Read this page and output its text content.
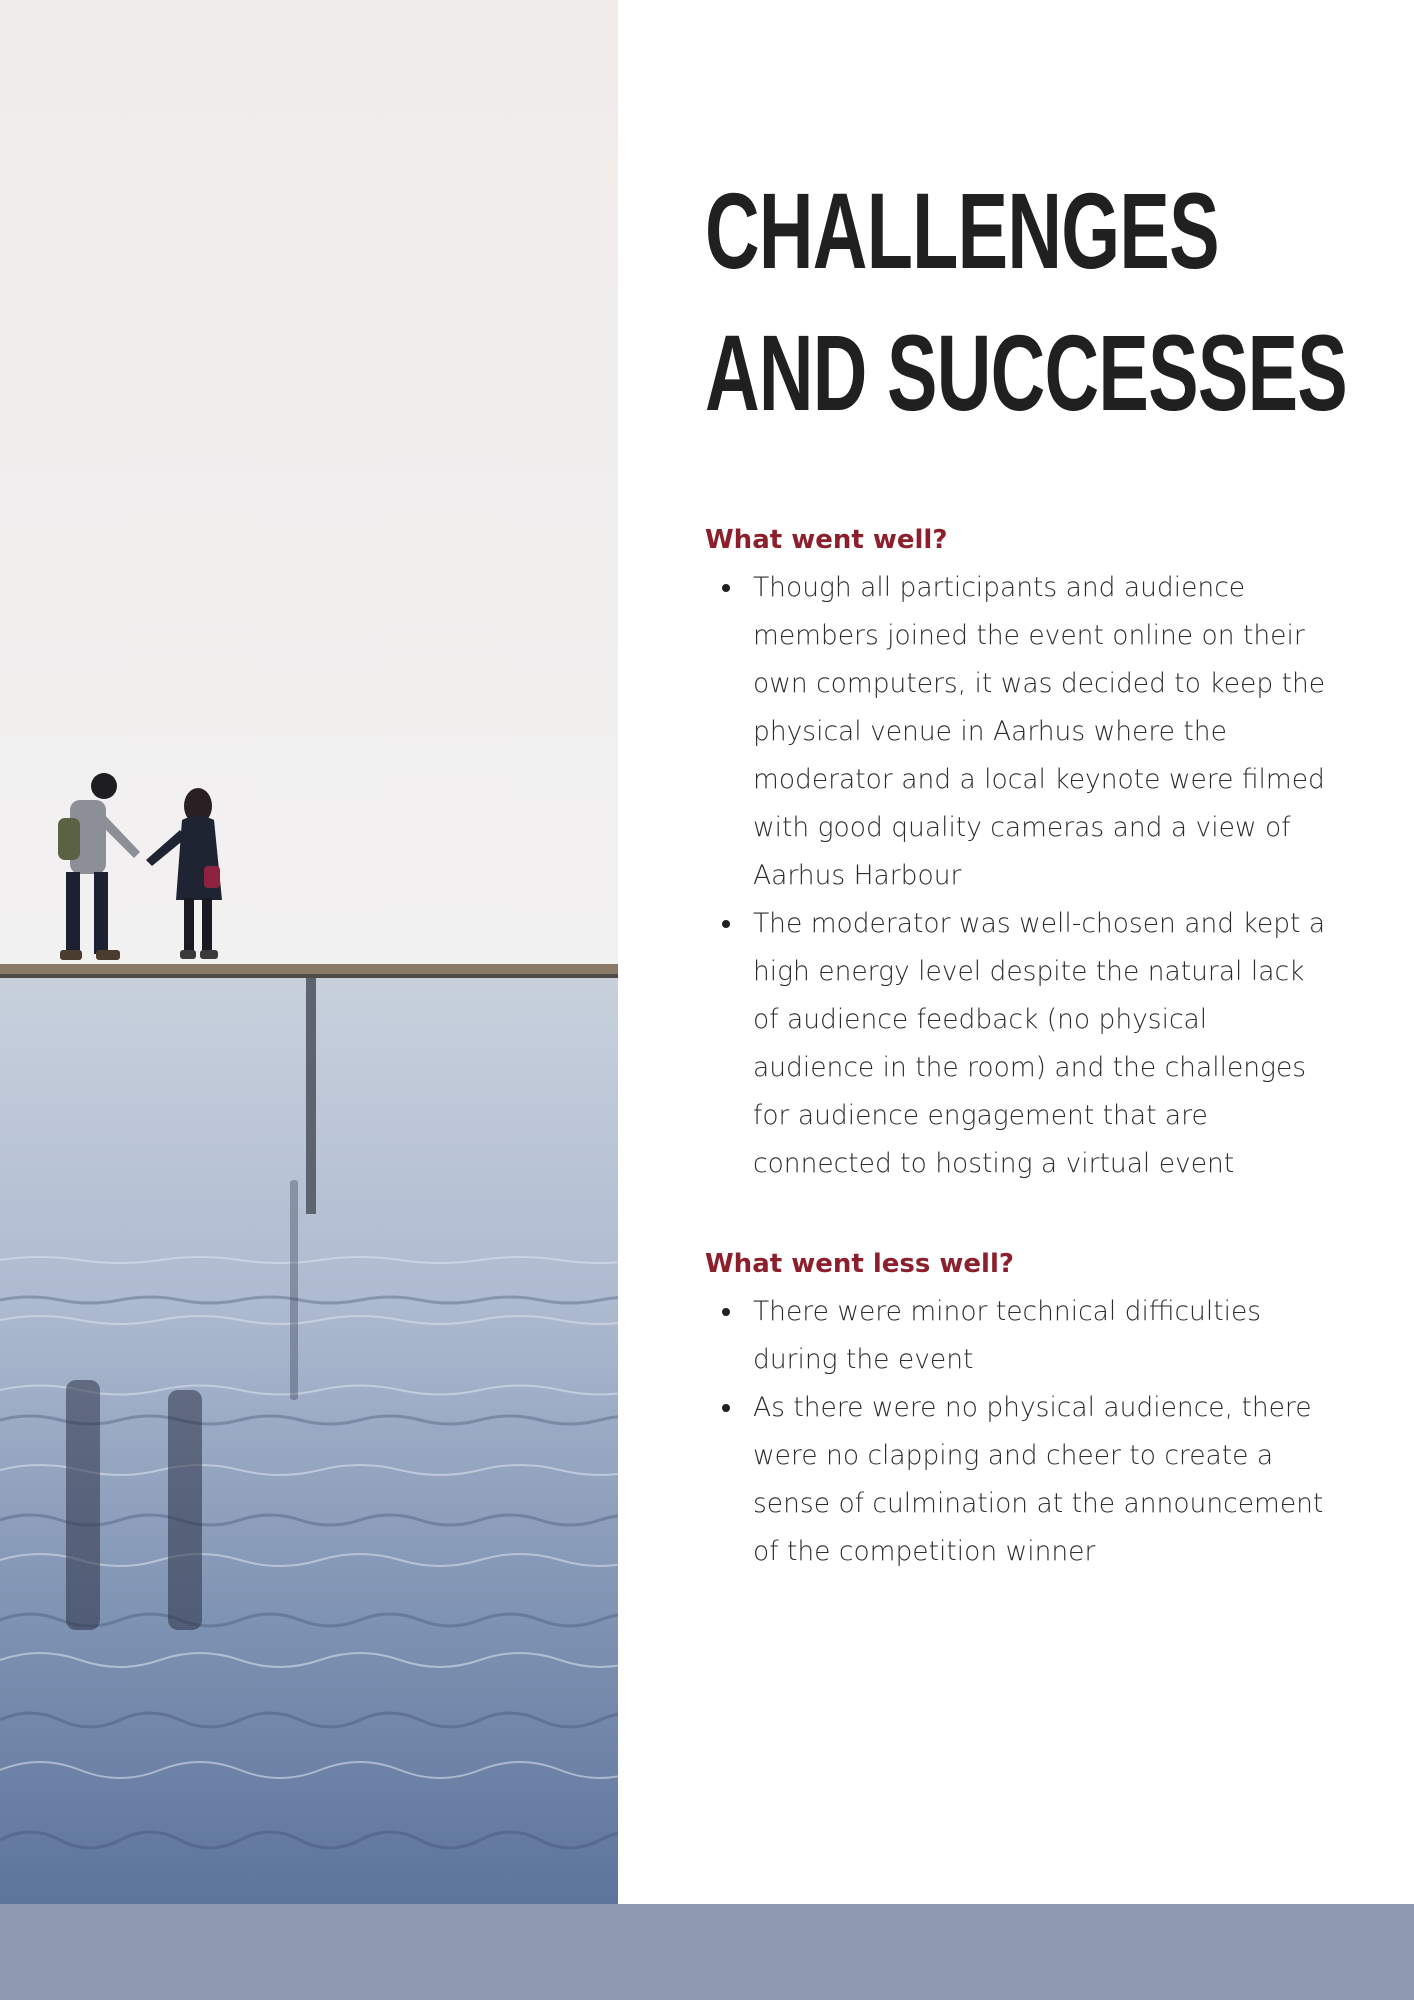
CHALLENGES
AND SUCCESSES
What went well?
Though all participants and audience members joined the event online on their own computers, it was decided to keep the physical venue in Aarhus where the moderator and a local keynote were filmed with good quality cameras and a view of Aarhus Harbour
The moderator was well-chosen and kept a high energy level despite the natural lack of audience feedback (no physical audience in the room) and the challenges for audience engagement that are connected to hosting a virtual event
What went less well?
There were minor technical difficulties during the event
As there were no physical audience, there were no clapping and cheer to create a sense of culmination at the announcement of the competition winner
